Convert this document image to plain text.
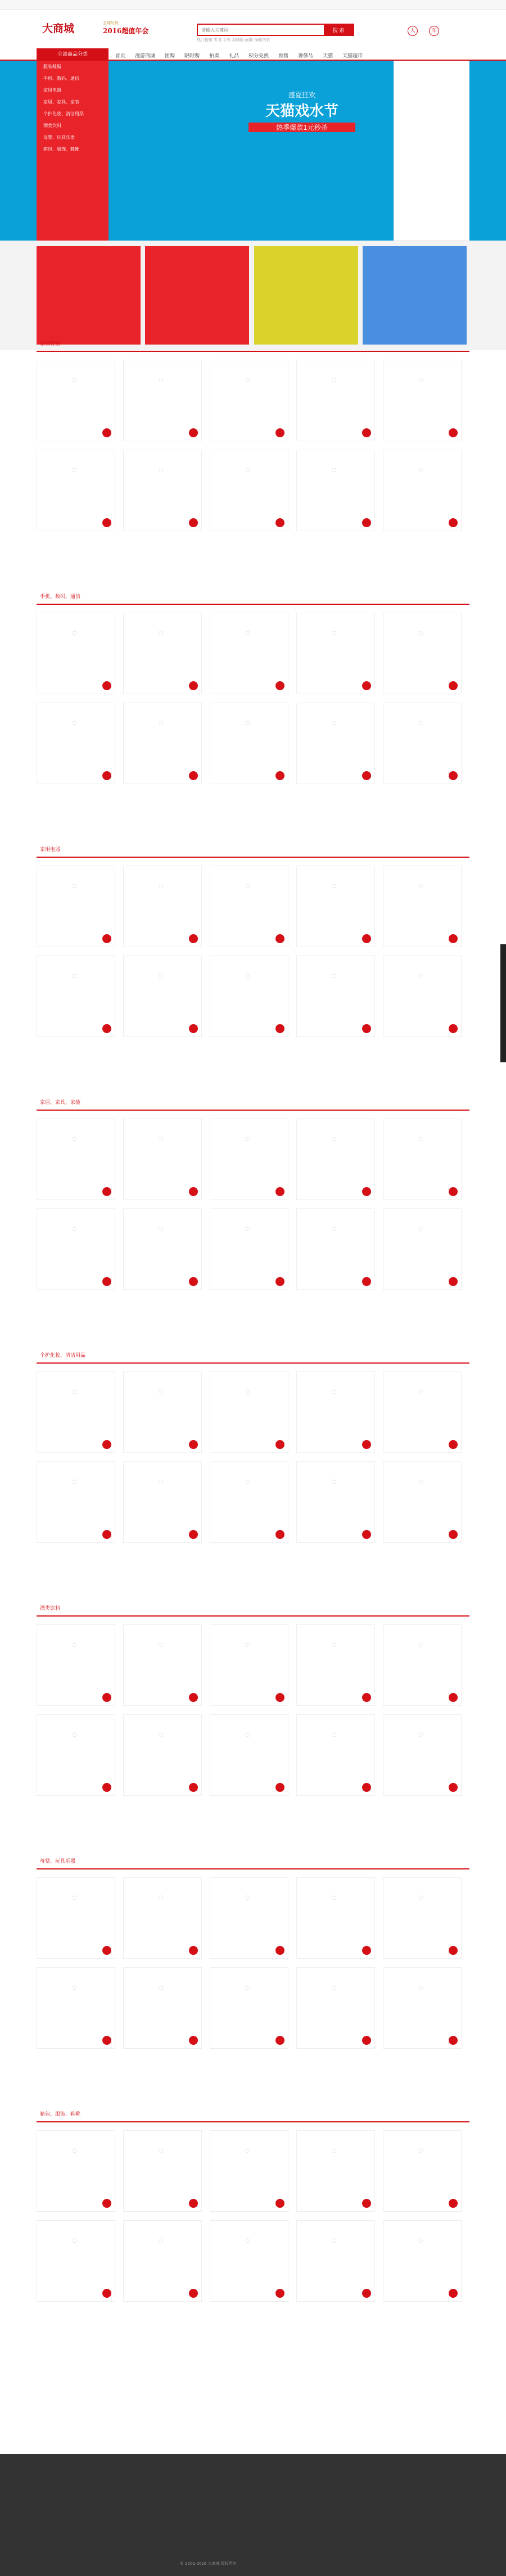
大商城	全球好货
2016超值年会
请输入关键词	搜 索
热门搜索 零食 手机 羽绒服 面膜 保暖内衣
人	车
全部商品分类	首页 漫游商城 团购 限时购 拍卖 礼品 积分兑换 预售 奢侈品 天猫 天猫超市
服装鞋帽
手机、数码、通信
家用电器
家居、家具、家装
个护化妆、清洁用品
酒类饮料
母婴、玩具乐器
箱包、服饰、鞋靴
盛夏狂欢
天猫戏水节
热季爆款1元秒杀
服装鞋帽
◌
◌
◌
◌
◌
◌
◌
◌
◌
◌
手机、数码、通信
◌
◌
◌
◌
◌
◌
◌
◌
◌
◌
家用电器
◌
◌
◌
◌
◌
◌
◌
◌
◌
◌
家居、家具、家装
◌
◌
◌
◌
◌
◌
◌
◌
◌
◌
个护化妆、清洁用品
◌
◌
◌
◌
◌
◌
◌
◌
◌
◌
酒类饮料
◌
◌
◌
◌
◌
◌
◌
◌
◌
◌
母婴、玩具乐器
◌
◌
◌
◌
◌
◌
◌
◌
◌
◌
箱包、服饰、鞋靴
◌
◌
◌
◌
◌
◌
◌
◌
◌
◌
© 2001-2016 大商城 版权所有
